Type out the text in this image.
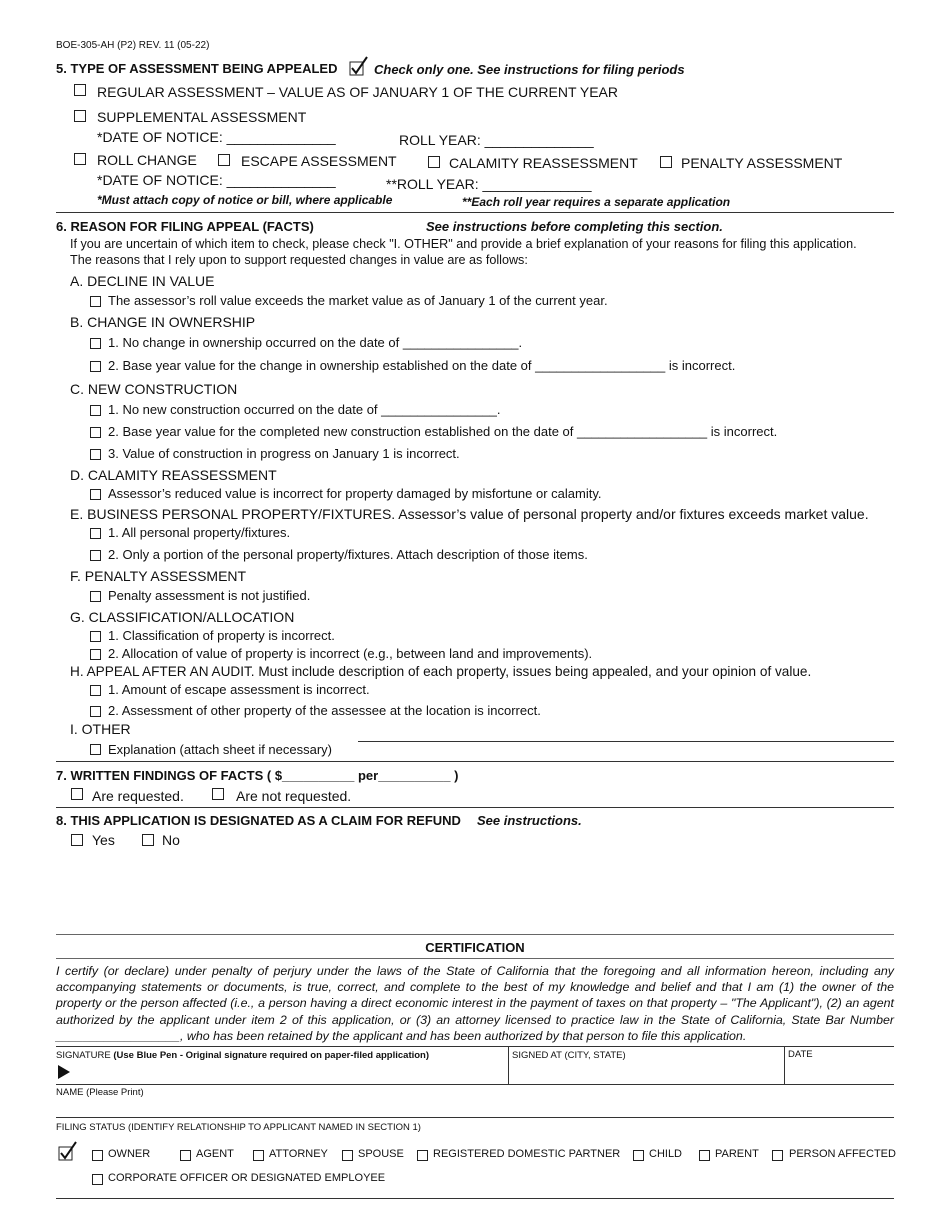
BOE-305-AH (P2) REV. 11 (05-22)
5. TYPE OF ASSESSMENT BEING APPEALED	Check only one. See instructions for filing periods
REGULAR ASSESSMENT – VALUE AS OF JANUARY 1 OF THE CURRENT YEAR
SUPPLEMENTAL ASSESSMENT
*DATE OF NOTICE: ______________	ROLL YEAR: ______________
ROLL CHANGE	ESCAPE ASSESSMENT	CALAMITY REASSESSMENT	PENALTY ASSESSMENT
*DATE OF NOTICE: ______________	**ROLL YEAR: ______________
*Must attach copy of notice or bill, where applicable	**Each roll year requires a separate application
6. REASON FOR FILING APPEAL (FACTS)	See instructions before completing this section.
If you are uncertain of which item to check, please check "I. OTHER" and provide a brief explanation of your reasons for filing this application.
The reasons that I rely upon to support requested changes in value are as follows:
A. DECLINE IN VALUE
The assessor’s roll value exceeds the market value as of January 1 of the current year.
B. CHANGE IN OWNERSHIP
1. No change in ownership occurred on the date of ________________.
2. Base year value for the change in ownership established on the date of __________________ is incorrect.
C. NEW CONSTRUCTION
1. No new construction occurred on the date of ________________.
2. Base year value for the completed new construction established on the date of __________________ is incorrect.
3. Value of construction in progress on January 1 is incorrect.
D. CALAMITY REASSESSMENT
Assessor’s reduced value is incorrect for property damaged by misfortune or calamity.
E. BUSINESS PERSONAL PROPERTY/FIXTURES. Assessor’s value of personal property and/or fixtures exceeds market value.
1. All personal property/fixtures.
2. Only a portion of the personal property/fixtures. Attach description of those items.
F. PENALTY ASSESSMENT
Penalty assessment is not justified.
G. CLASSIFICATION/ALLOCATION
1. Classification of property is incorrect.
2. Allocation of value of property is incorrect (e.g., between land and improvements).
H. APPEAL AFTER AN AUDIT. Must include description of each property, issues being appealed, and your opinion of value.
1. Amount of escape assessment is incorrect.
2. Assessment of other property of the assessee at the location is incorrect.
I. OTHER
Explanation (attach sheet if necessary)
7. WRITTEN FINDINGS OF FACTS ( $__________ per__________ )
Are requested.	Are not requested.
8. THIS APPLICATION IS DESIGNATED AS A CLAIM FOR REFUND See instructions.
Yes	No
CERTIFICATION
I certify (or declare) under penalty of perjury under the laws of the State of California that the foregoing and all information hereon, including any accompanying statements or documents, is true, correct, and complete to the best of my knowledge and belief and that I am (1) the owner of the property or the person affected (i.e., a person having a direct economic interest in the payment of taxes on that property – "The Applicant"), (2) an agent authorized by the applicant under item 2 of this application, or (3) an attorney licensed to practice law in the State of California, State Bar Number __________________, who has been retained by the applicant and has been authorized by that person to file this application.
SIGNATURE (Use Blue Pen - Original signature required on paper-filed application)	SIGNED AT (CITY, STATE)	DATE
NAME (Please Print)
FILING STATUS (IDENTIFY RELATIONSHIP TO APPLICANT NAMED IN SECTION 1)
OWNER	AGENT	ATTORNEY	SPOUSE	REGISTERED DOMESTIC PARTNER	CHILD	PARENT	PERSON AFFECTED
CORPORATE OFFICER OR DESIGNATED EMPLOYEE
